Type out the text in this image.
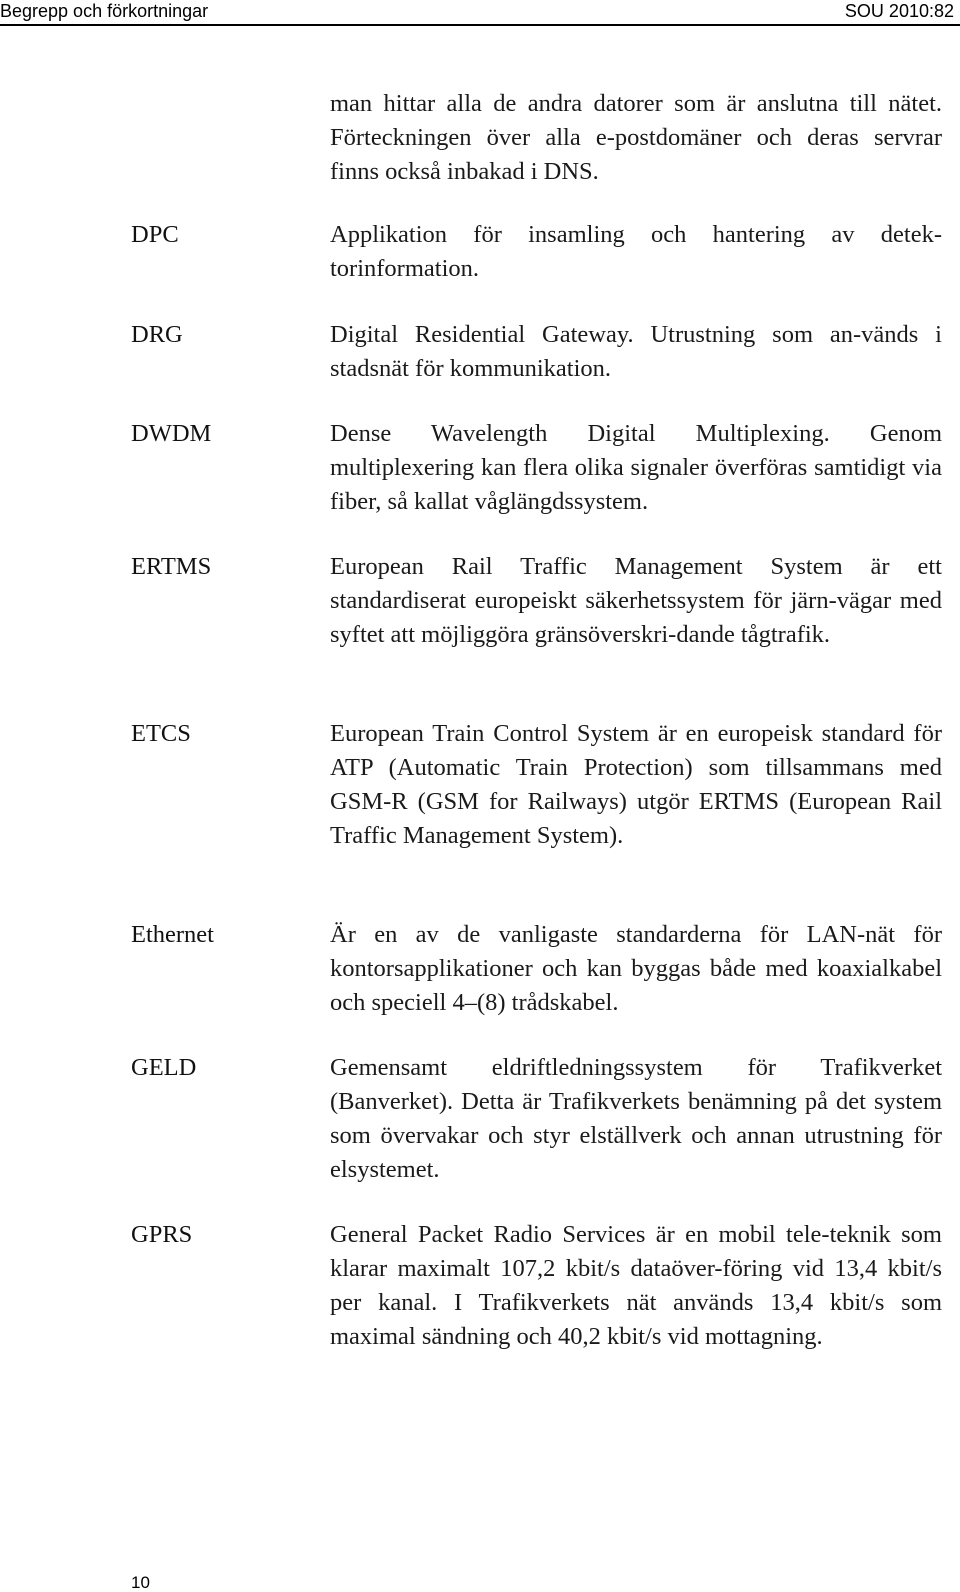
Begrepp och förkortningar	SOU 2010:82

man hittar alla de andra datorer som är anslutna till nätet. Förteckningen över alla e-postdomäner och deras servrar finns också inbakad i DNS.

DPC	Applikation för insamling och hantering av detek-torinformation.

DRG	Digital Residential Gateway. Utrustning som an-vänds i stadsnät för kommunikation.

DWDM	Dense Wavelength Digital Multiplexing. Genom multiplexering kan flera olika signaler överföras samtidigt via fiber, så kallat våglängdssystem.

ERTMS	European Rail Traffic Management System är ett standardiserat europeiskt säkerhetssystem för järn-vägar med syftet att möjliggöra gränsöverskri-dande tågtrafik.

ETCS	European Train Control System är en europeisk standard för ATP (Automatic Train Protection) som tillsammans med GSM-R (GSM for Railways) utgör ERTMS (European Rail Traffic Management System).

Ethernet	Är en av de vanligaste standarderna för LAN-nät för kontorsapplikationer och kan byggas både med koaxialkabel och speciell 4–(8) trådskabel.

GELD	Gemensamt eldriftledningssystem för Trafikverket (Banverket). Detta är Trafikverkets benämning på det system som övervakar och styr elställverk och annan utrustning för elsystemet.

GPRS	General Packet Radio Services är en mobil tele-teknik som klarar maximalt 107,2 kbit/s dataöver-föring vid 13,4 kbit/s per kanal. I Trafikverkets nät används 13,4 kbit/s som maximal sändning och 40,2 kbit/s vid mottagning.

10
